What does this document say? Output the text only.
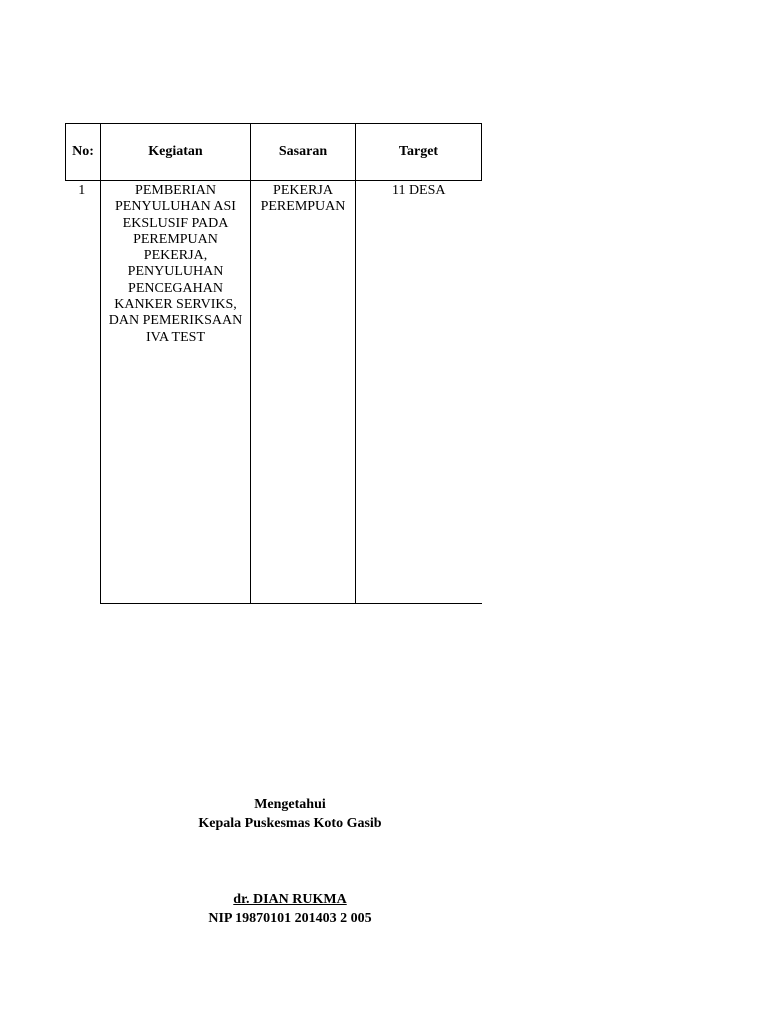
No:	Kegiatan	Sasaran	Target
1	PEMBERIAN PENYULUHAN ASI EKSLUSIF PADA PEREMPUAN PEKERJA, PENYULUHAN PENCEGAHAN KANKER SERVIKS, DAN PEMERIKSAAN IVA TEST	PEKERJA PEREMPUAN	11 DESA
Mengetahui
Kepala Puskesmas Koto Gasib
dr. DIAN RUKMA
NIP 19870101 201403 2 005
